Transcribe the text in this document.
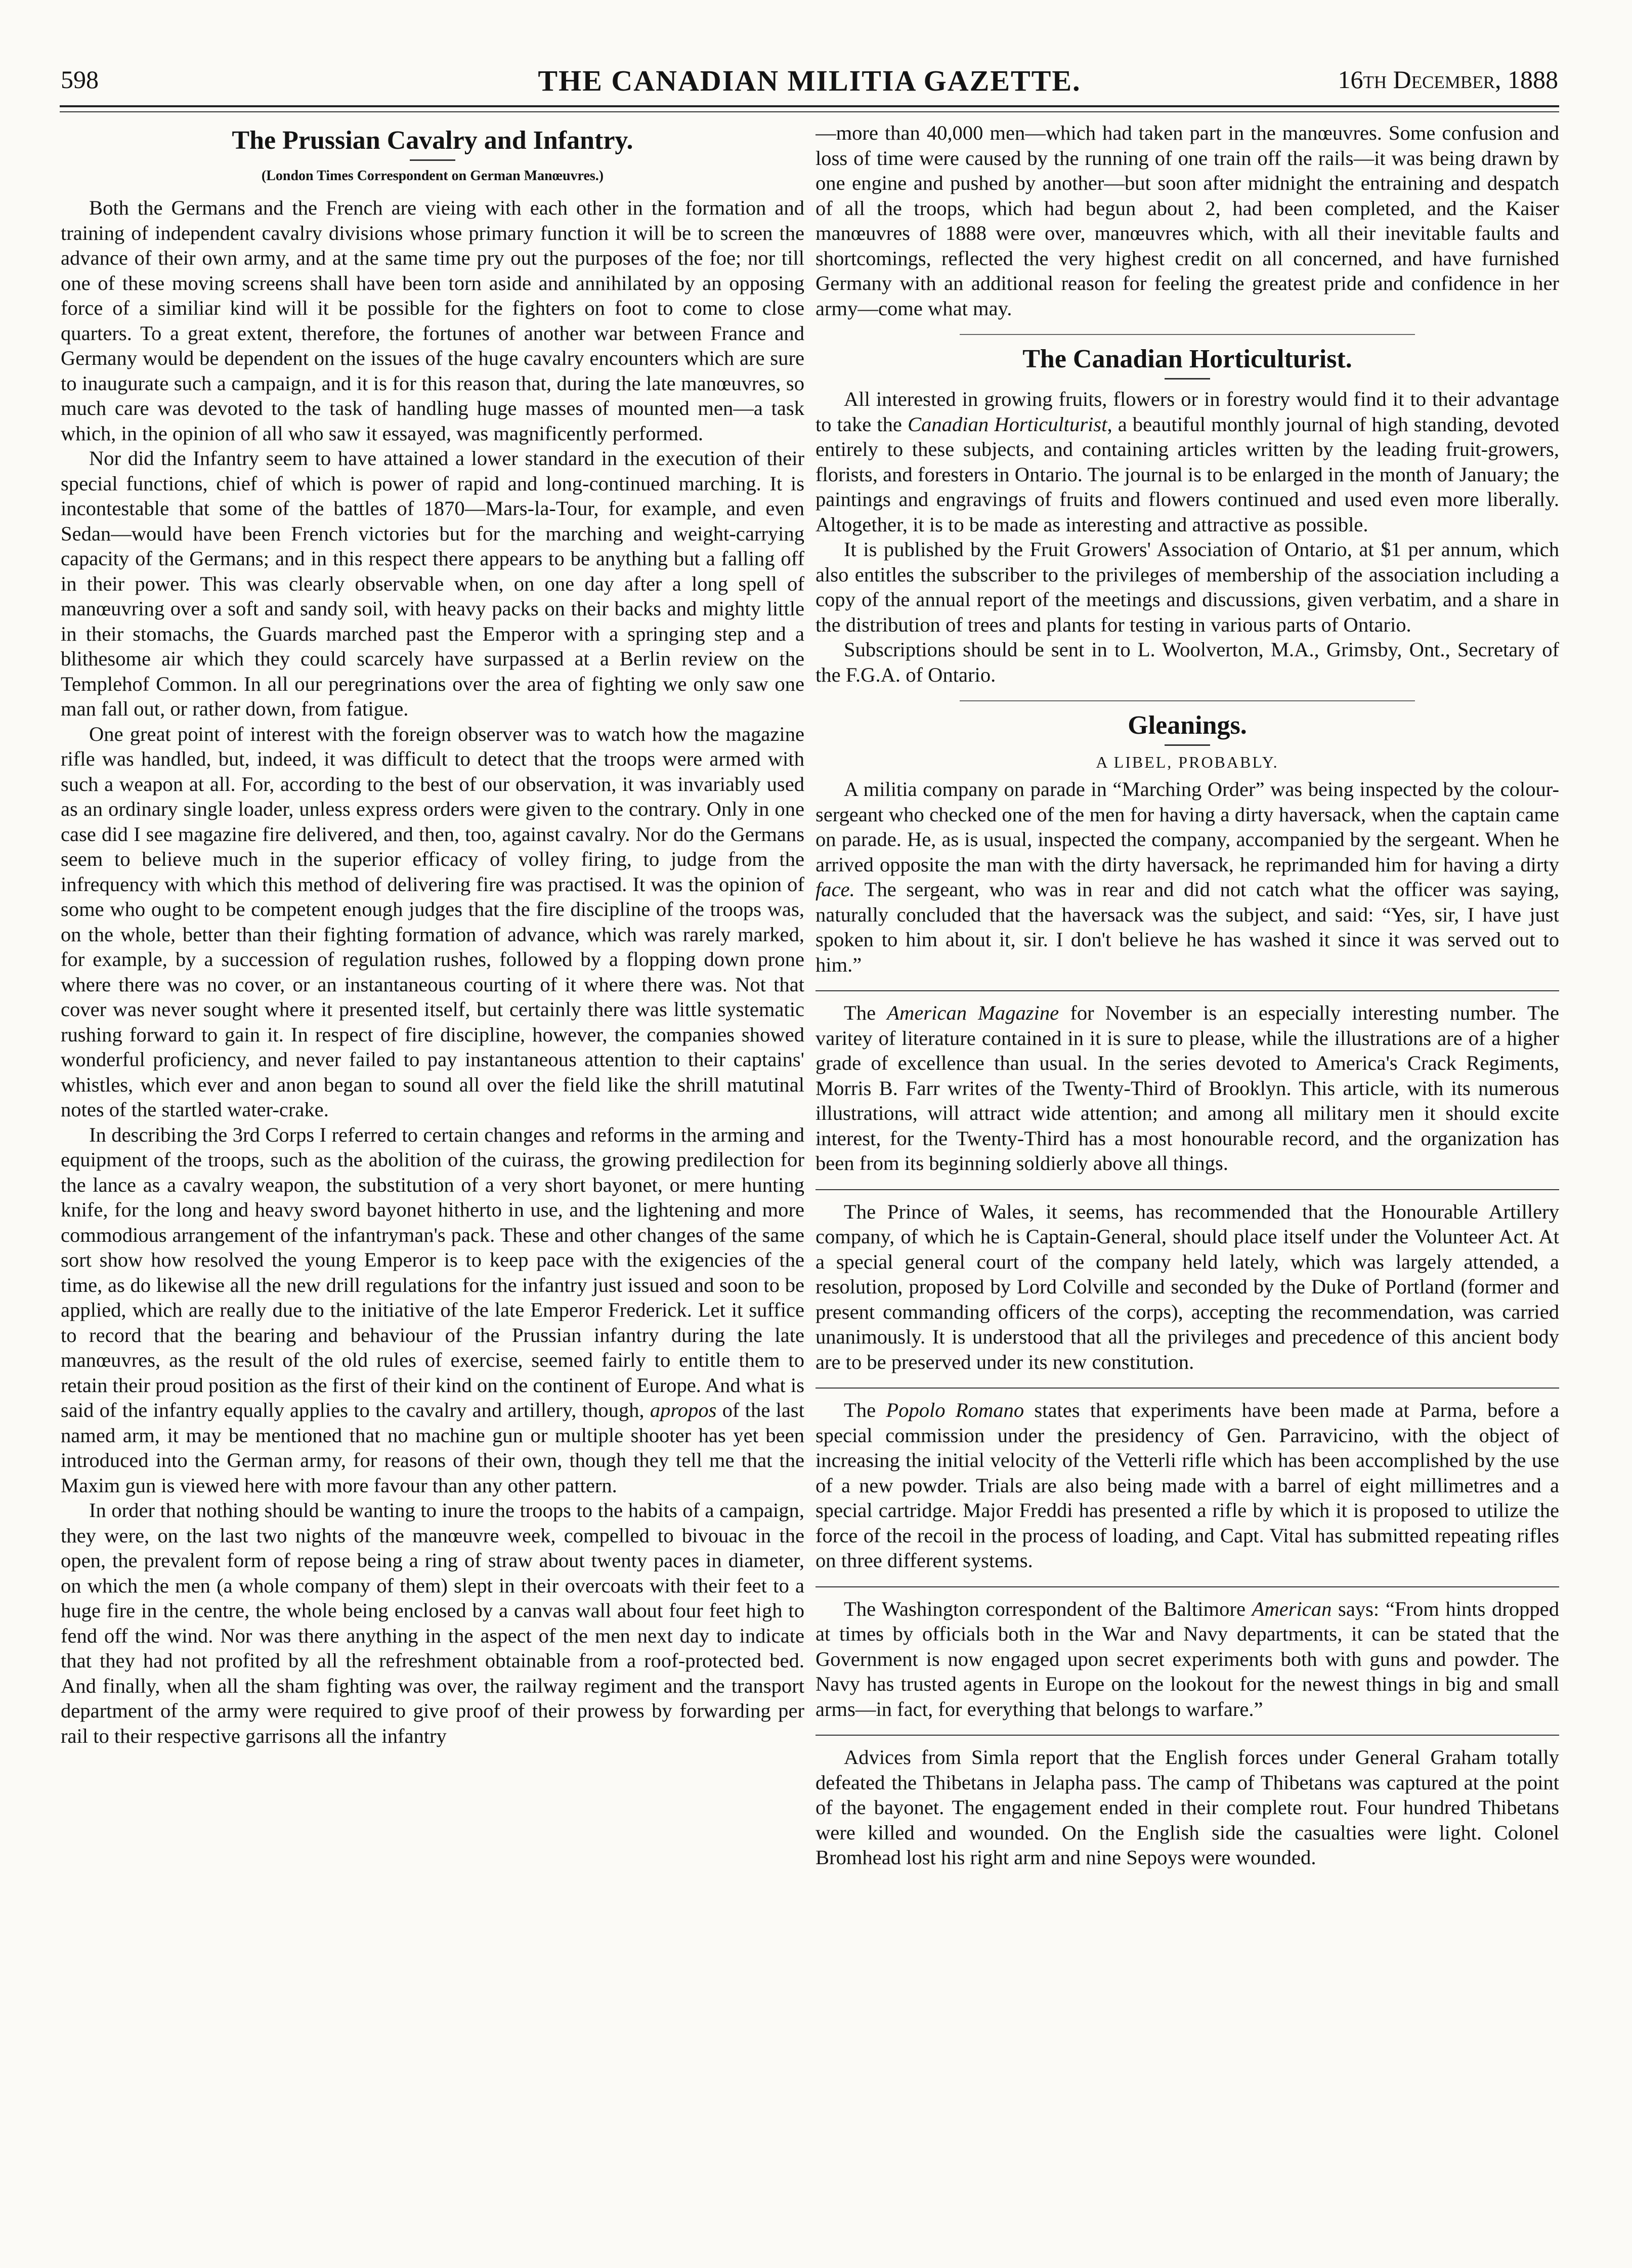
598	THE CANADIAN MILITIA GAZETTE.	16th December, 1888
The Prussian Cavalry and Infantry.
(London Times Correspondent on German Manœuvres.)

Both the Germans and the French are vieing with each other in the formation and training of independent cavalry divisions whose primary function it will be to screen the advance of their own army, and at the same time pry out the purposes of the foe; nor till one of these moving screens shall have been torn aside and annihilated by an opposing force of a similiar kind will it be possible for the fighters on foot to come to close quarters. To a great extent, therefore, the fortunes of another war between France and Germany would be dependent on the issues of the huge cavalry encounters which are sure to inaugurate such a campaign, and it is for this reason that, during the late manœuvres, so much care was devoted to the task of handling huge masses of mounted men—a task which, in the opinion of all who saw it essayed, was magnificently performed.

Nor did the Infantry seem to have attained a lower standard in the execution of their special functions, chief of which is power of rapid and long-continued marching. It is incontestable that some of the battles of 1870—Mars-la-Tour, for example, and even Sedan—would have been French victories but for the marching and weight-carrying capacity of the Germans; and in this respect there appears to be anything but a falling off in their power. This was clearly observable when, on one day after a long spell of manœuvring over a soft and sandy soil, with heavy packs on their backs and mighty little in their stomachs, the Guards marched past the Emperor with a springing step and a blithesome air which they could scarcely have surpassed at a Berlin review on the Templehof Common. In all our peregrinations over the area of fighting we only saw one man fall out, or rather down, from fatigue.

One great point of interest with the foreign observer was to watch how the magazine rifle was handled, but, indeed, it was difficult to detect that the troops were armed with such a weapon at all. For, according to the best of our observation, it was invariably used as an ordinary single loader, unless express orders were given to the contrary. Only in one case did I see magazine fire delivered, and then, too, against cavalry. Nor do the Germans seem to believe much in the superior efficacy of volley firing, to judge from the infrequency with which this method of delivering fire was practised. It was the opinion of some who ought to be competent enough judges that the fire discipline of the troops was, on the whole, better than their fighting formation of advance, which was rarely marked, for example, by a succession of regulation rushes, followed by a flopping down prone where there was no cover, or an instantaneous courting of it where there was. Not that cover was never sought where it presented itself, but certainly there was little systematic rushing forward to gain it. In respect of fire discipline, however, the companies showed wonderful proficiency, and never failed to pay instantaneous attention to their captains' whistles, which ever and anon began to sound all over the field like the shrill matutinal notes of the startled water-crake.

In describing the 3rd Corps I referred to certain changes and reforms in the arming and equipment of the troops, such as the abolition of the cuirass, the growing predilection for the lance as a cavalry weapon, the substitution of a very short bayonet, or mere hunting knife, for the long and heavy sword bayonet hitherto in use, and the lightening and more commodious arrangement of the infantryman's pack. These and other changes of the same sort show how resolved the young Emperor is to keep pace with the exigencies of the time, as do likewise all the new drill regulations for the infantry just issued and soon to be applied, which are really due to the initiative of the late Emperor Frederick. Let it suffice to record that the bearing and behaviour of the Prussian infantry during the late manœuvres, as the result of the old rules of exercise, seemed fairly to entitle them to retain their proud position as the first of their kind on the continent of Europe. And what is said of the infantry equally applies to the cavalry and artillery, though, apropos of the last named arm, it may be mentioned that no machine gun or multiple shooter has yet been introduced into the German army, for reasons of their own, though they tell me that the Maxim gun is viewed here with more favour than any other pattern.

In order that nothing should be wanting to inure the troops to the habits of a campaign, they were, on the last two nights of the manœuvre week, compelled to bivouac in the open, the prevalent form of repose being a ring of straw about twenty paces in diameter, on which the men (a whole company of them) slept in their overcoats with their feet to a huge fire in the centre, the whole being enclosed by a canvas wall about four feet high to fend off the wind. Nor was there anything in the aspect of the men next day to indicate that they had not profited by all the refreshment obtainable from a roof-protected bed. And finally, when all the sham fighting was over, the railway regiment and the transport department of the army were required to give proof of their prowess by forwarding per rail to their respective garrisons all the infantry

—more than 40,000 men—which had taken part in the manœuvres. Some confusion and loss of time were caused by the running of one train off the rails—it was being drawn by one engine and pushed by another—but soon after midnight the entraining and despatch of all the troops, which had begun about 2, had been completed, and the Kaiser manœuvres of 1888 were over, manœuvres which, with all their inevitable faults and shortcomings, reflected the very highest credit on all concerned, and have furnished Germany with an additional reason for feeling the greatest pride and confidence in her army—come what may.

The Canadian Horticulturist.

All interested in growing fruits, flowers or in forestry would find it to their advantage to take the Canadian Horticulturist, a beautiful monthly journal of high standing, devoted entirely to these subjects, and containing articles written by the leading fruit-growers, florists, and foresters in Ontario. The journal is to be enlarged in the month of January; the paintings and engravings of fruits and flowers continued and used even more liberally. Altogether, it is to be made as interesting and attractive as possible.

It is published by the Fruit Growers' Association of Ontario, at $1 per annum, which also entitles the subscriber to the privileges of membership of the association including a copy of the annual report of the meetings and discussions, given verbatim, and a share in the distribution of trees and plants for testing in various parts of Ontario.

Subscriptions should be sent in to L. Woolverton, M.A., Grimsby, Ont., Secretary of the F.G.A. of Ontario.

Gleanings.
A LIBEL, PROBABLY.

A militia company on parade in “Marching Order” was being inspected by the colour-sergeant who checked one of the men for having a dirty haversack, when the captain came on parade. He, as is usual, inspected the company, accompanied by the sergeant. When he arrived opposite the man with the dirty haversack, he reprimanded him for having a dirty face. The sergeant, who was in rear and did not catch what the officer was saying, naturally concluded that the haversack was the subject, and said: “Yes, sir, I have just spoken to him about it, sir. I don't believe he has washed it since it was served out to him.”

The American Magazine for November is an especially interesting number. The varitey of literature contained in it is sure to please, while the illustrations are of a higher grade of excellence than usual. In the series devoted to America's Crack Regiments, Morris B. Farr writes of the Twenty-Third of Brooklyn. This article, with its numerous illustrations, will attract wide attention; and among all military men it should excite interest, for the Twenty-Third has a most honourable record, and the organization has been from its beginning soldierly above all things.

The Prince of Wales, it seems, has recommended that the Honourable Artillery company, of which he is Captain-General, should place itself under the Volunteer Act. At a special general court of the company held lately, which was largely attended, a resolution, proposed by Lord Colville and seconded by the Duke of Portland (former and present commanding officers of the corps), accepting the recommendation, was carried unanimously. It is understood that all the privileges and precedence of this ancient body are to be preserved under its new constitution.

The Popolo Romano states that experiments have been made at Parma, before a special commission under the presidency of Gen. Parravicino, with the object of increasing the initial velocity of the Vetterli rifle which has been accomplished by the use of a new powder. Trials are also being made with a barrel of eight millimetres and a special cartridge. Major Freddi has presented a rifle by which it is proposed to utilize the force of the recoil in the process of loading, and Capt. Vital has submitted repeating rifles on three different systems.

The Washington correspondent of the Baltimore American says: “From hints dropped at times by officials both in the War and Navy departments, it can be stated that the Government is now engaged upon secret experiments both with guns and powder. The Navy has trusted agents in Europe on the lookout for the newest things in big and small arms—in fact, for everything that belongs to warfare.”

Advices from Simla report that the English forces under General Graham totally defeated the Thibetans in Jelapha pass. The camp of Thibetans was captured at the point of the bayonet. The engagement ended in their complete rout. Four hundred Thibetans were killed and wounded. On the English side the casualties were light. Colonel Bromhead lost his right arm and nine Sepoys were wounded.
